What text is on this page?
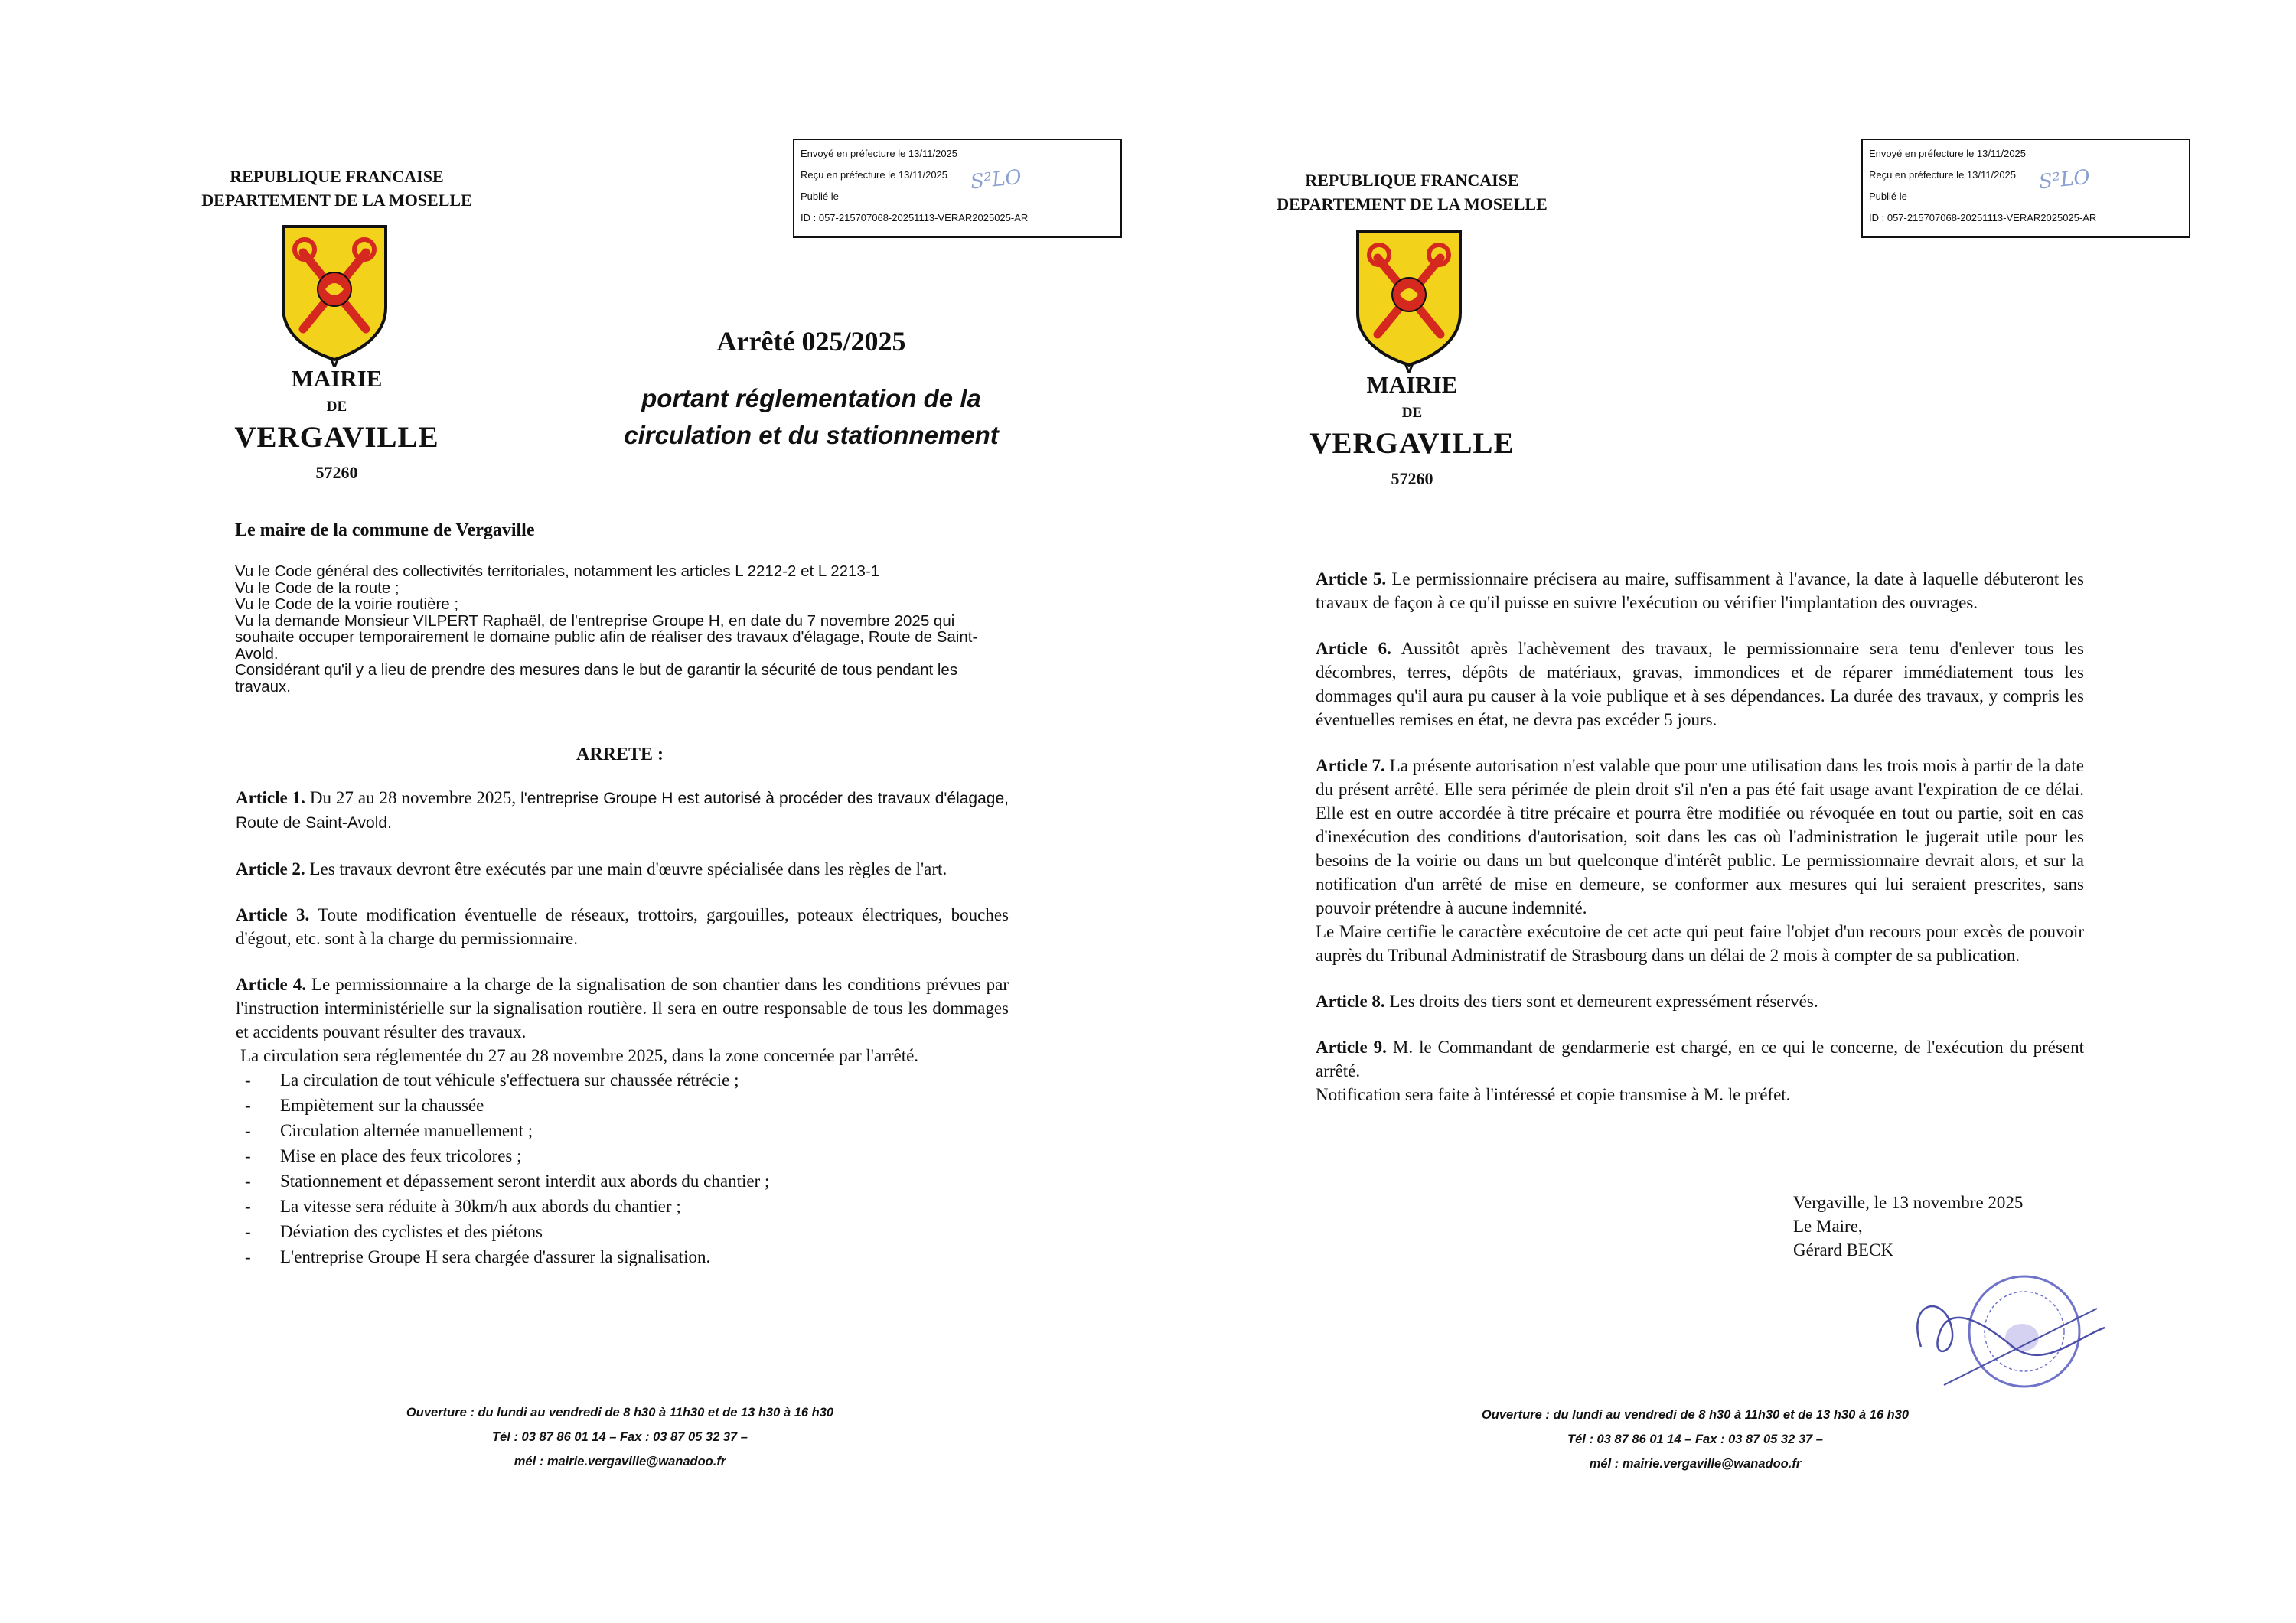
REPUBLIQUE FRANCAISE
DEPARTEMENT DE LA MOSELLE
Envoyé en préfecture le 13/11/2025
Reçu en préfecture le 13/11/2025
Publié le
ID : 057-215707068-20251113-VERAR2025025-AR
S²LO
MAIRIE
DE
VERGAVILLE
57260
Arrêté 025/2025
portant réglementation de la
circulation et du stationnement
Le maire de la commune de Vergaville
Vu le Code général des collectivités territoriales, notamment les articles L 2212-2 et L 2213-1
Vu le Code de la route ;
Vu le Code de la voirie routière ;
Vu la demande Monsieur VILPERT Raphaël, de l'entreprise Groupe H, en date du 7 novembre 2025 qui souhaite occuper temporairement le domaine public afin de réaliser des travaux d'élagage, Route de Saint-Avold.
Considérant qu'il y a lieu de prendre des mesures dans le but de garantir la sécurité de tous pendant les travaux.
ARRETE :

Article 1. Du 27 au 28 novembre 2025, l'entreprise Groupe H est autorisé à procéder des travaux d'élagage, Route de Saint-Avold.

Article 2. Les travaux devront être exécutés par une main d'œuvre spécialisée dans les règles de l'art.

Article 3. Toute modification éventuelle de réseaux, trottoirs, gargouilles, poteaux électriques, bouches d'égout, etc. sont à la charge du permissionnaire.

Article 4. Le permissionnaire a la charge de la signalisation de son chantier dans les conditions prévues par l'instruction interministérielle sur la signalisation routière. Il sera en outre responsable de tous les dommages et accidents pouvant résulter des travaux.

La circulation sera réglementée du 27 au 28 novembre 2025, dans la zone concernée par l'arrêté.

- La circulation de tout véhicule s'effectuera sur chaussée rétrécie ;
- Empiètement sur la chaussée
- Circulation alternée manuellement ;
- Mise en place des feux tricolores ;
- Stationnement et dépassement seront interdit aux abords du chantier ;
- La vitesse sera réduite à 30km/h aux abords du chantier ;
- Déviation des cyclistes et des piétons
- L'entreprise Groupe H sera chargée d'assurer la signalisation.
Ouverture : du lundi au vendredi de 8 h30 à 11h30 et de 13 h30 à 16 h30
Tél : 03 87 86 01 14 – Fax : 03 87 05 32 37 –
mél : mairie.vergaville@wanadoo.fr
REPUBLIQUE FRANCAISE
DEPARTEMENT DE LA MOSELLE
Envoyé en préfecture le 13/11/2025
Reçu en préfecture le 13/11/2025
Publié le
ID : 057-215707068-20251113-VERAR2025025-AR
S²LO
MAIRIE
DE
VERGAVILLE
57260

Article 5. Le permissionnaire précisera au maire, suffisamment à l'avance, la date à laquelle débuteront les travaux de façon à ce qu'il puisse en suivre l'exécution ou vérifier l'implantation des ouvrages.

Article 6. Aussitôt après l'achèvement des travaux, le permissionnaire sera tenu d'enlever tous les décombres, terres, dépôts de matériaux, gravas, immondices et de réparer immédiatement tous les dommages qu'il aura pu causer à la voie publique et à ses dépendances. La durée des travaux, y compris les éventuelles remises en état, ne devra pas excéder 5 jours.

Article 7. La présente autorisation n'est valable que pour une utilisation dans les trois mois à partir de la date du présent arrêté. Elle sera périmée de plein droit s'il n'en a pas été fait usage avant l'expiration de ce délai. Elle est en outre accordée à titre précaire et pourra être modifiée ou révoquée en tout ou partie, soit en cas d'inexécution des conditions d'autorisation, soit dans les cas où l'administration le jugerait utile pour les besoins de la voirie ou dans un but quelconque d'intérêt public. Le permissionnaire devrait alors, et sur la notification d'un arrêté de mise en demeure, se conformer aux mesures qui lui seraient prescrites, sans pouvoir prétendre à aucune indemnité.

Le Maire certifie le caractère exécutoire de cet acte qui peut faire l'objet d'un recours pour excès de pouvoir auprès du Tribunal Administratif de Strasbourg dans un délai de 2 mois à compter de sa publication.

Article 8. Les droits des tiers sont et demeurent expressément réservés.

Article 9. M. le Commandant de gendarmerie est chargé, en ce qui le concerne, de l'exécution du présent arrêté.

Notification sera faite à l'intéressé et copie transmise à M. le préfet.

Vergaville, le 13 novembre 2025
Le Maire,
Gérard BECK
Ouverture : du lundi au vendredi de 8 h30 à 11h30 et de 13 h30 à 16 h30
Tél : 03 87 86 01 14 – Fax : 03 87 05 32 37 –
mél : mairie.vergaville@wanadoo.fr
